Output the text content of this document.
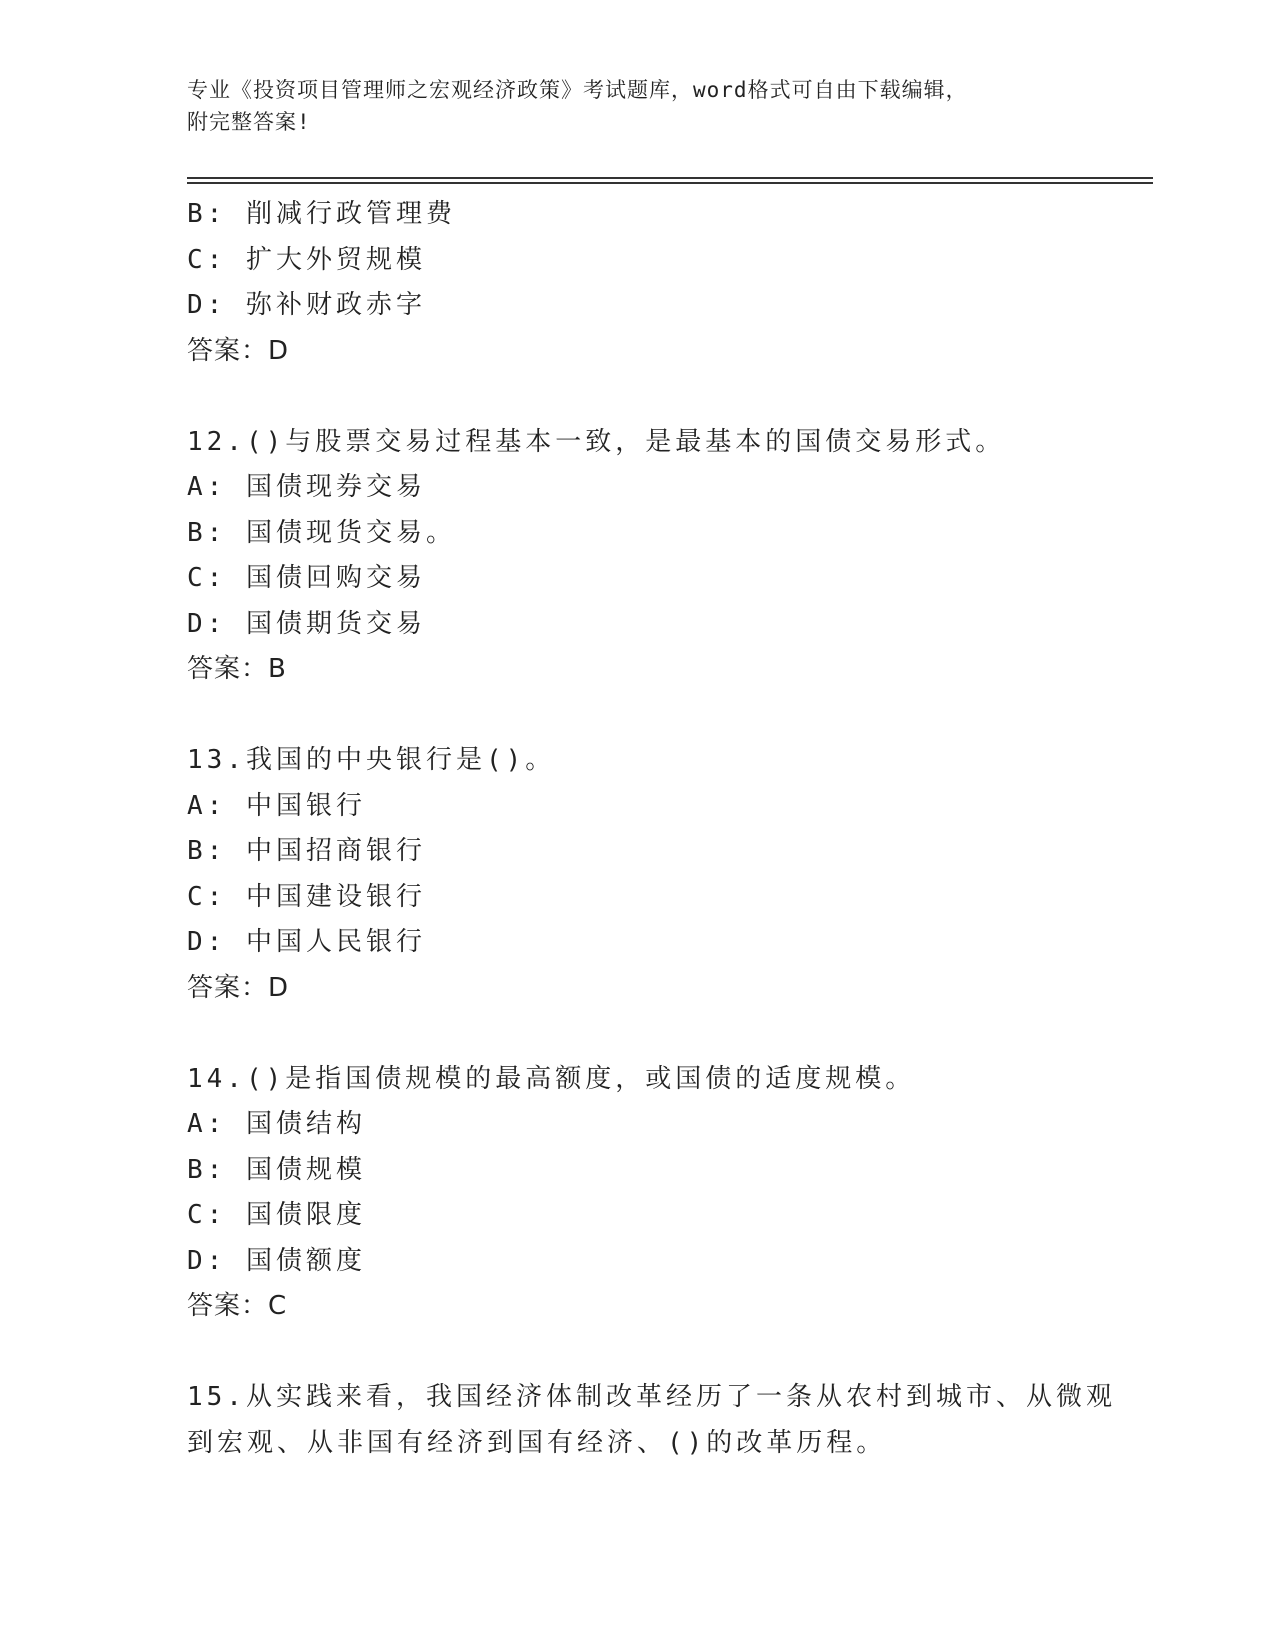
专业《投资项目管理师之宏观经济政策》考试题库，word格式可自由下载编辑，
附完整答案!
B: 削减行政管理费
C: 扩大外贸规模
D: 弥补财政赤字
答案：D
12.()与股票交易过程基本一致，是最基本的国债交易形式。
A: 国债现券交易
B: 国债现货交易。
C: 国债回购交易
D: 国债期货交易
答案：B
13.我国的中央银行是()。
A: 中国银行
B: 中国招商银行
C: 中国建设银行
D: 中国人民银行
答案：D
14.()是指国债规模的最高额度，或国债的适度规模。
A: 国债结构
B: 国债规模
C: 国债限度
D: 国债额度
答案：C
15.从实践来看，我国经济体制改革经历了一条从农村到城市、从微观
到宏观、从非国有经济到国有经济、()的改革历程。
